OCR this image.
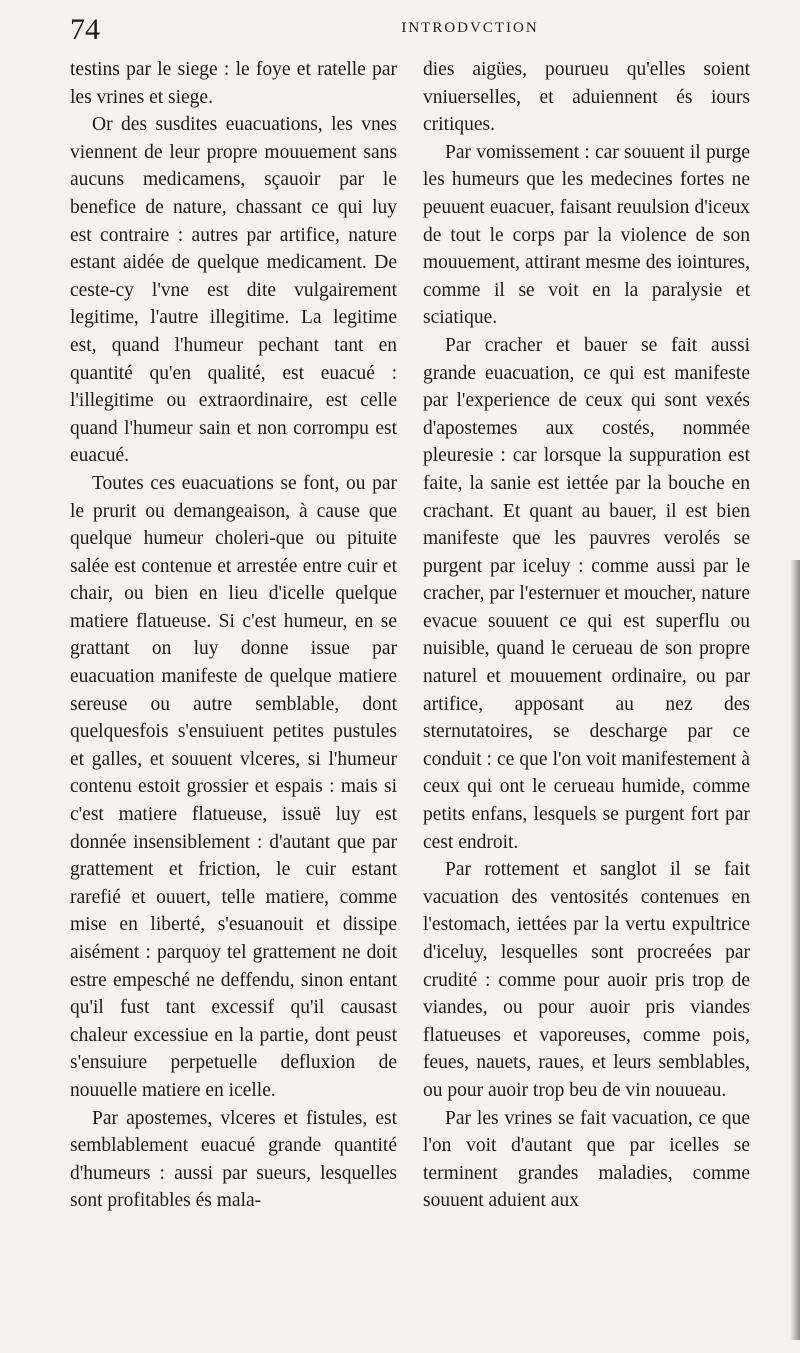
74	INTRODVCTION

testins par le siege : le foye et ratelle par les vrines et siege.

Or des susdites euacuations, les vnes viennent de leur propre mouuement sans aucuns medicamens, sçauoir par le benefice de nature, chassant ce qui luy est contraire : autres par artifice, nature estant aidée de quelque medicament. De ceste-cy l'vne est dite vulgairement legitime, l'autre illegitime. La legitime est, quand l'humeur pechant tant en quantité qu'en qualité, est euacué : l'illegitime ou extraordinaire, est celle quand l'humeur sain et non corrompu est euacué.

Toutes ces euacuations se font, ou par le prurit ou demangeaison, à cause que quelque humeur choleri-que ou pituite salée est contenue et arrestée entre cuir et chair, ou bien en lieu d'icelle quelque matiere flatueuse. Si c'est humeur, en se grattant on luy donne issue par euacuation manifeste de quelque matiere sereuse ou autre semblable, dont quelquesfois s'ensuiuent petites pustules et galles, et souuent vlceres, si l'humeur contenu estoit grossier et espais : mais si c'est matiere flatueuse, issuë luy est donnée insensiblement : d'autant que par grattement et friction, le cuir estant rarefié et ouuert, telle matiere, comme mise en liberté, s'esuanouit et dissipe aisément : parquoy tel grattement ne doit estre empesché ne deffendu, sinon entant qu'il fust tant excessif qu'il causast chaleur excessiue en la partie, dont peust s'ensuiure perpetuelle defluxion de nouuelle matiere en icelle.

Par apostemes, vlceres et fistules, est semblablement euacué grande quantité d'humeurs : aussi par sueurs, lesquelles sont profitables és mala-

dies aigües, pourueu qu'elles soient vniuerselles, et aduiennent és iours critiques.

Par vomissement : car souuent il purge les humeurs que les medecines fortes ne peuuent euacuer, faisant reuulsion d'iceux de tout le corps par la violence de son mouuement, attirant mesme des iointures, comme il se voit en la paralysie et sciatique.

Par cracher et bauer se fait aussi grande euacuation, ce qui est manifeste par l'experience de ceux qui sont vexés d'apostemes aux costés, nommée pleuresie : car lorsque la suppuration est faite, la sanie est iettée par la bouche en crachant. Et quant au bauer, il est bien manifeste que les pauvres verolés se purgent par iceluy : comme aussi par le cracher, par l'esternuer et moucher, nature evacue souuent ce qui est superflu ou nuisible, quand le cerueau de son propre naturel et mouuement ordinaire, ou par artifice, apposant au nez des sternutatoires, se descharge par ce conduit : ce que l'on voit manifestement à ceux qui ont le cerueau humide, comme petits enfans, lesquels se purgent fort par cest endroit.

Par rottement et sanglot il se fait vacuation des ventosités contenues en l'estomach, iettées par la vertu expultrice d'iceluy, lesquelles sont procreées par crudité : comme pour auoir pris trop de viandes, ou pour auoir pris viandes flatueuses et vaporeuses, comme pois, feues, nauets, raues, et leurs semblables, ou pour auoir trop beu de vin nouueau.

Par les vrines se fait vacuation, ce que l'on voit d'autant que par icelles se terminent grandes maladies, comme souuent aduient aux
